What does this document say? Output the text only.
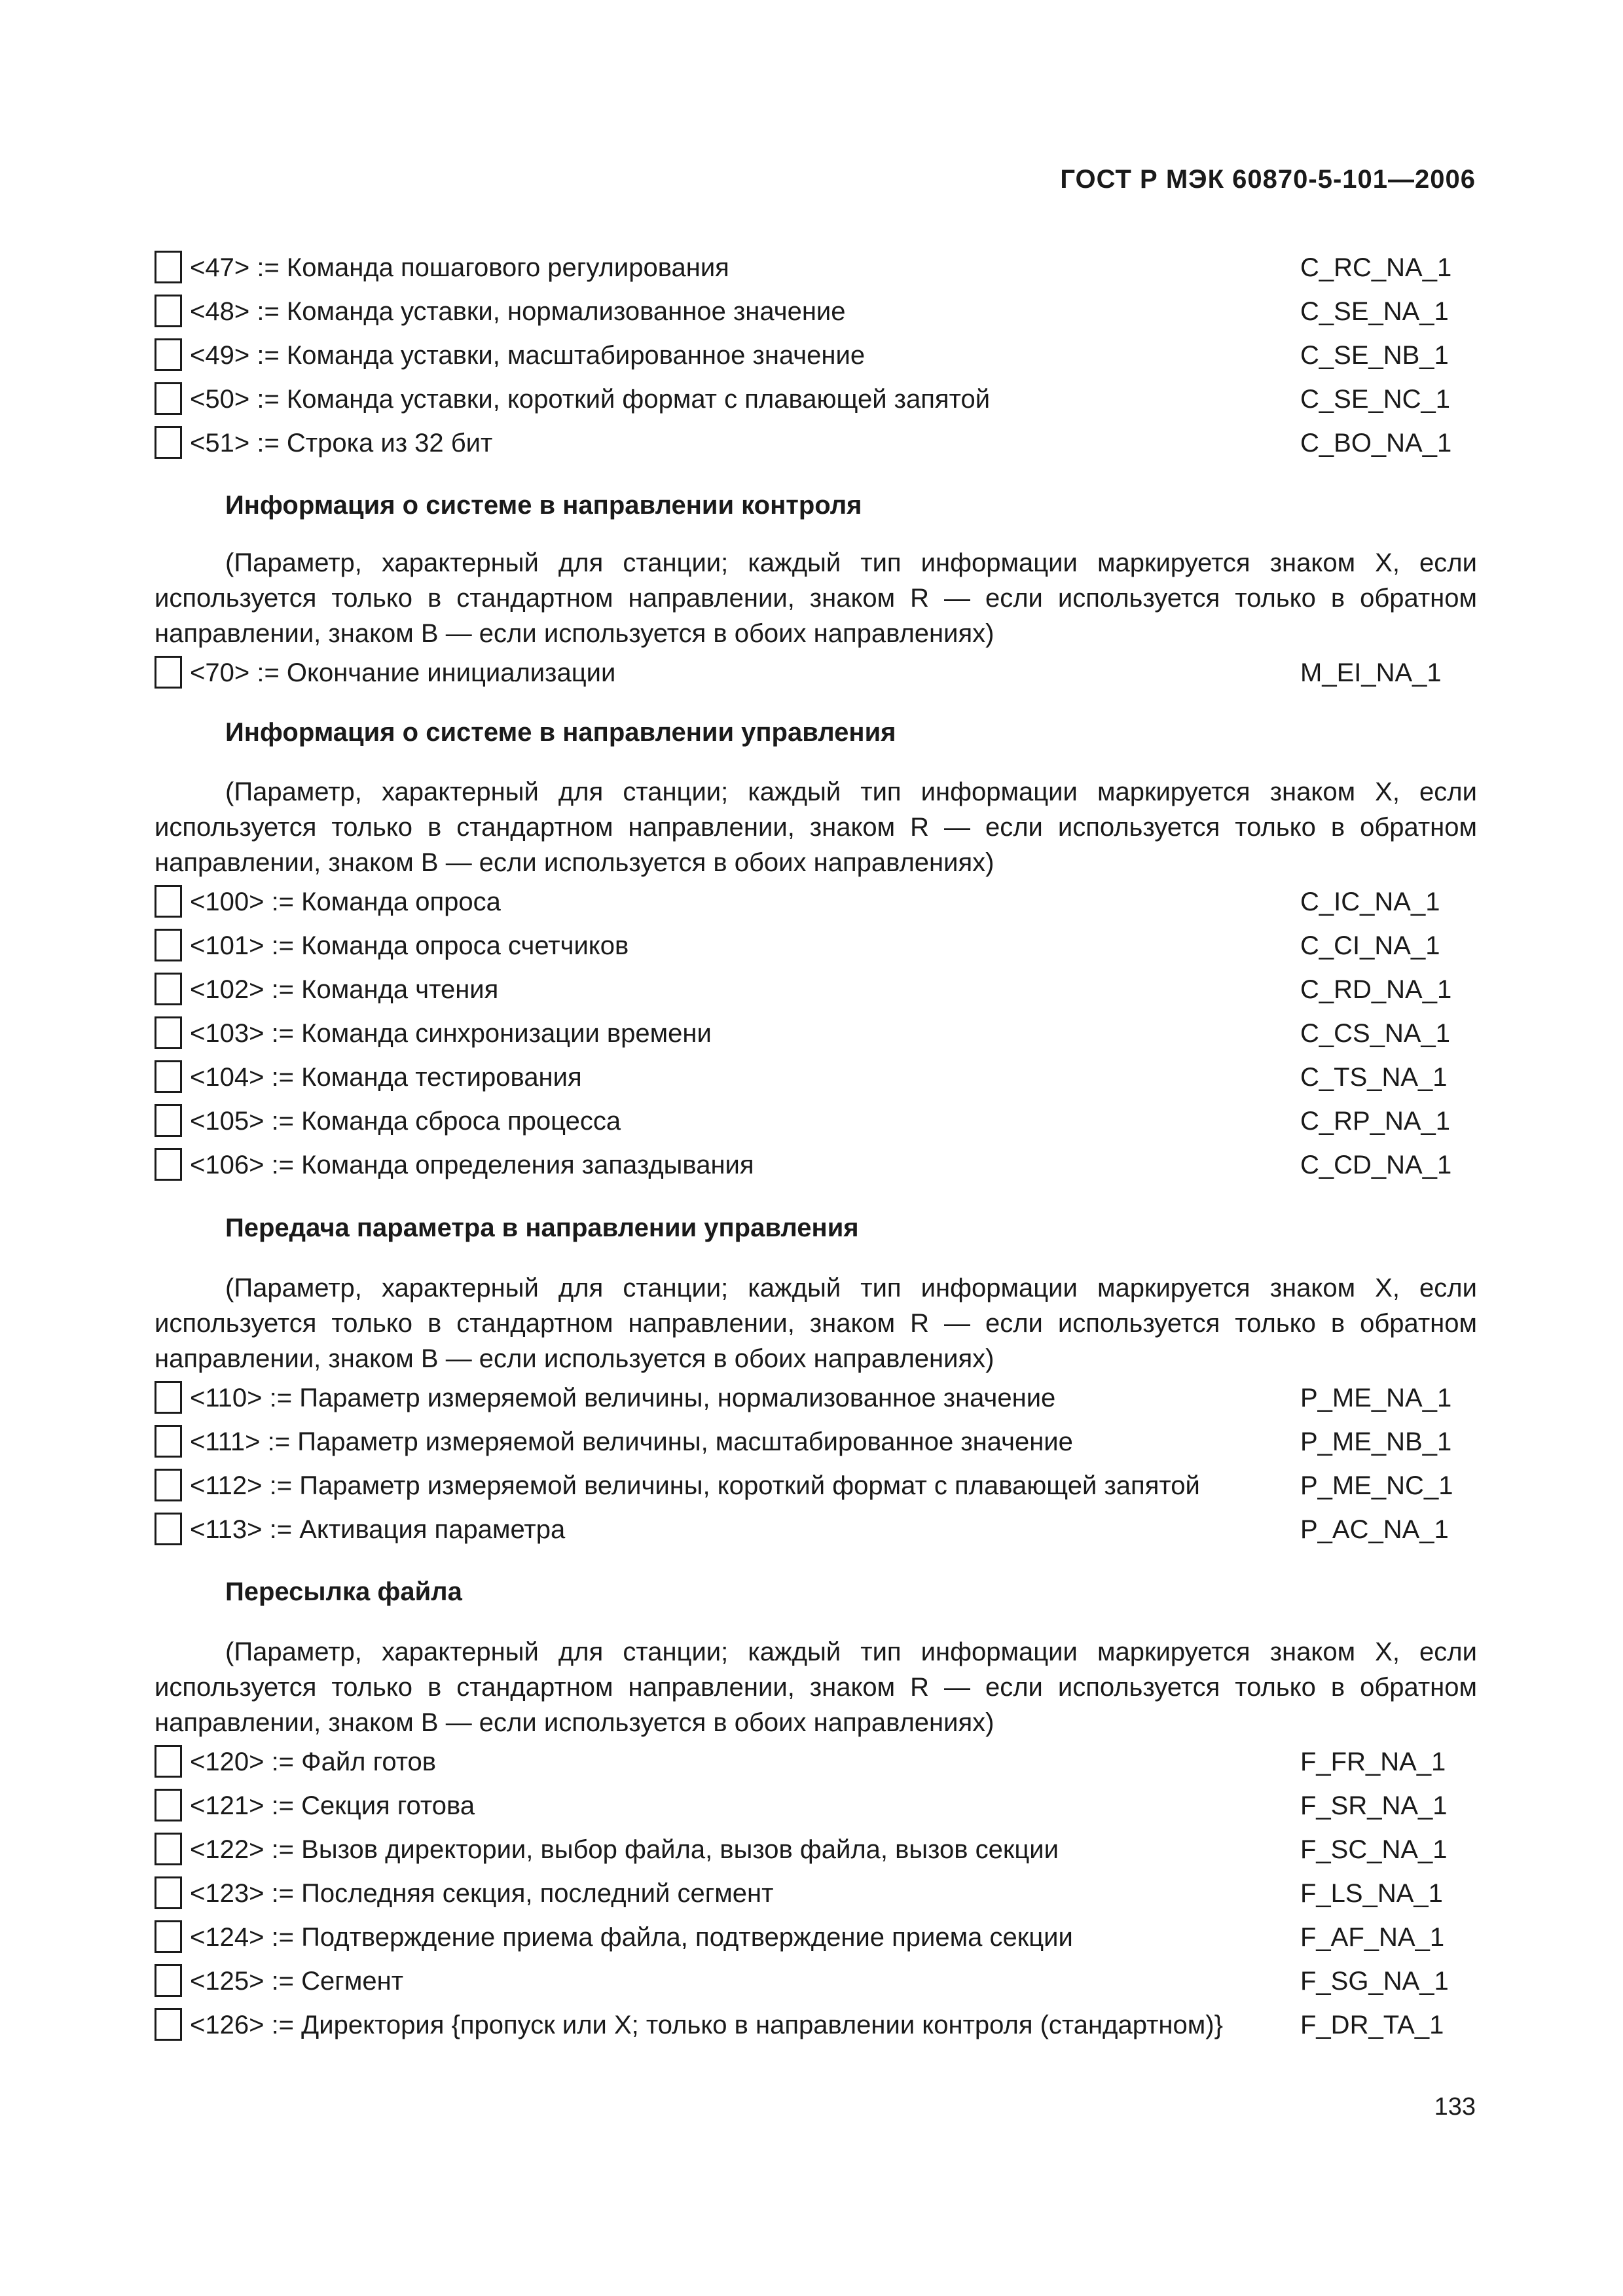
ГОСТ Р МЭК 60870-5-101—2006
<47> := Команда пошагового регулирования	C_RC_NA_1
<48> := Команда уставки, нормализованное значение	C_SE_NA_1
<49> := Команда уставки, масштабированное значение	C_SE_NB_1
<50> := Команда уставки, короткий формат с плавающей запятой	C_SE_NC_1
<51> := Строка из 32 бит	C_BO_NA_1
Информация о системе в направлении контроля

(Параметр, характерный для станции; каждый тип информации маркируется знаком X, если используется только в стандартном направлении, знаком R — если используется только в обратном направлении, знаком B — если используется в обоих направлениях)

<70> := Окончание инициализации	M_EI_NA_1
Информация о системе в направлении управления

(Параметр, характерный для станции; каждый тип информации маркируется знаком X, если используется только в стандартном направлении, знаком R — если используется только в обратном направлении, знаком B — если используется в обоих направлениях)

<100> := Команда опроса	C_IC_NA_1
<101> := Команда опроса счетчиков	C_CI_NA_1
<102> := Команда чтения	C_RD_NA_1
<103> := Команда синхронизации времени	C_CS_NA_1
<104> := Команда тестирования	C_TS_NA_1
<105> := Команда сброса процесса	C_RP_NA_1
<106> := Команда определения запаздывания	C_CD_NA_1
Передача параметра в направлении управления

(Параметр, характерный для станции; каждый тип информации маркируется знаком X, если используется только в стандартном направлении, знаком R — если используется только в обратном направлении, знаком B — если используется в обоих направлениях)

<110> := Параметр измеряемой величины, нормализованное значение	P_ME_NA_1
<111> := Параметр измеряемой величины, масштабированное значение	P_ME_NB_1
<112> := Параметр измеряемой величины, короткий формат с плавающей запятой	P_ME_NC_1
<113> := Активация параметра	P_AC_NA_1
Пересылка файла

(Параметр, характерный для станции; каждый тип информации маркируется знаком X, если используется только в стандартном направлении, знаком R — если используется только в обратном направлении, знаком B — если используется в обоих направлениях)

<120> := Файл готов	F_FR_NA_1
<121> := Секция готова	F_SR_NA_1
<122> := Вызов директории, выбор файла, вызов файла, вызов секции	F_SC_NA_1
<123> := Последняя секция, последний сегмент	F_LS_NA_1
<124> := Подтверждение приема файла, подтверждение приема секции	F_AF_NA_1
<125> := Сегмент	F_SG_NA_1
<126> := Директория {пропуск или X; только в направлении контроля (стандартном)}	F_DR_TA_1
133
